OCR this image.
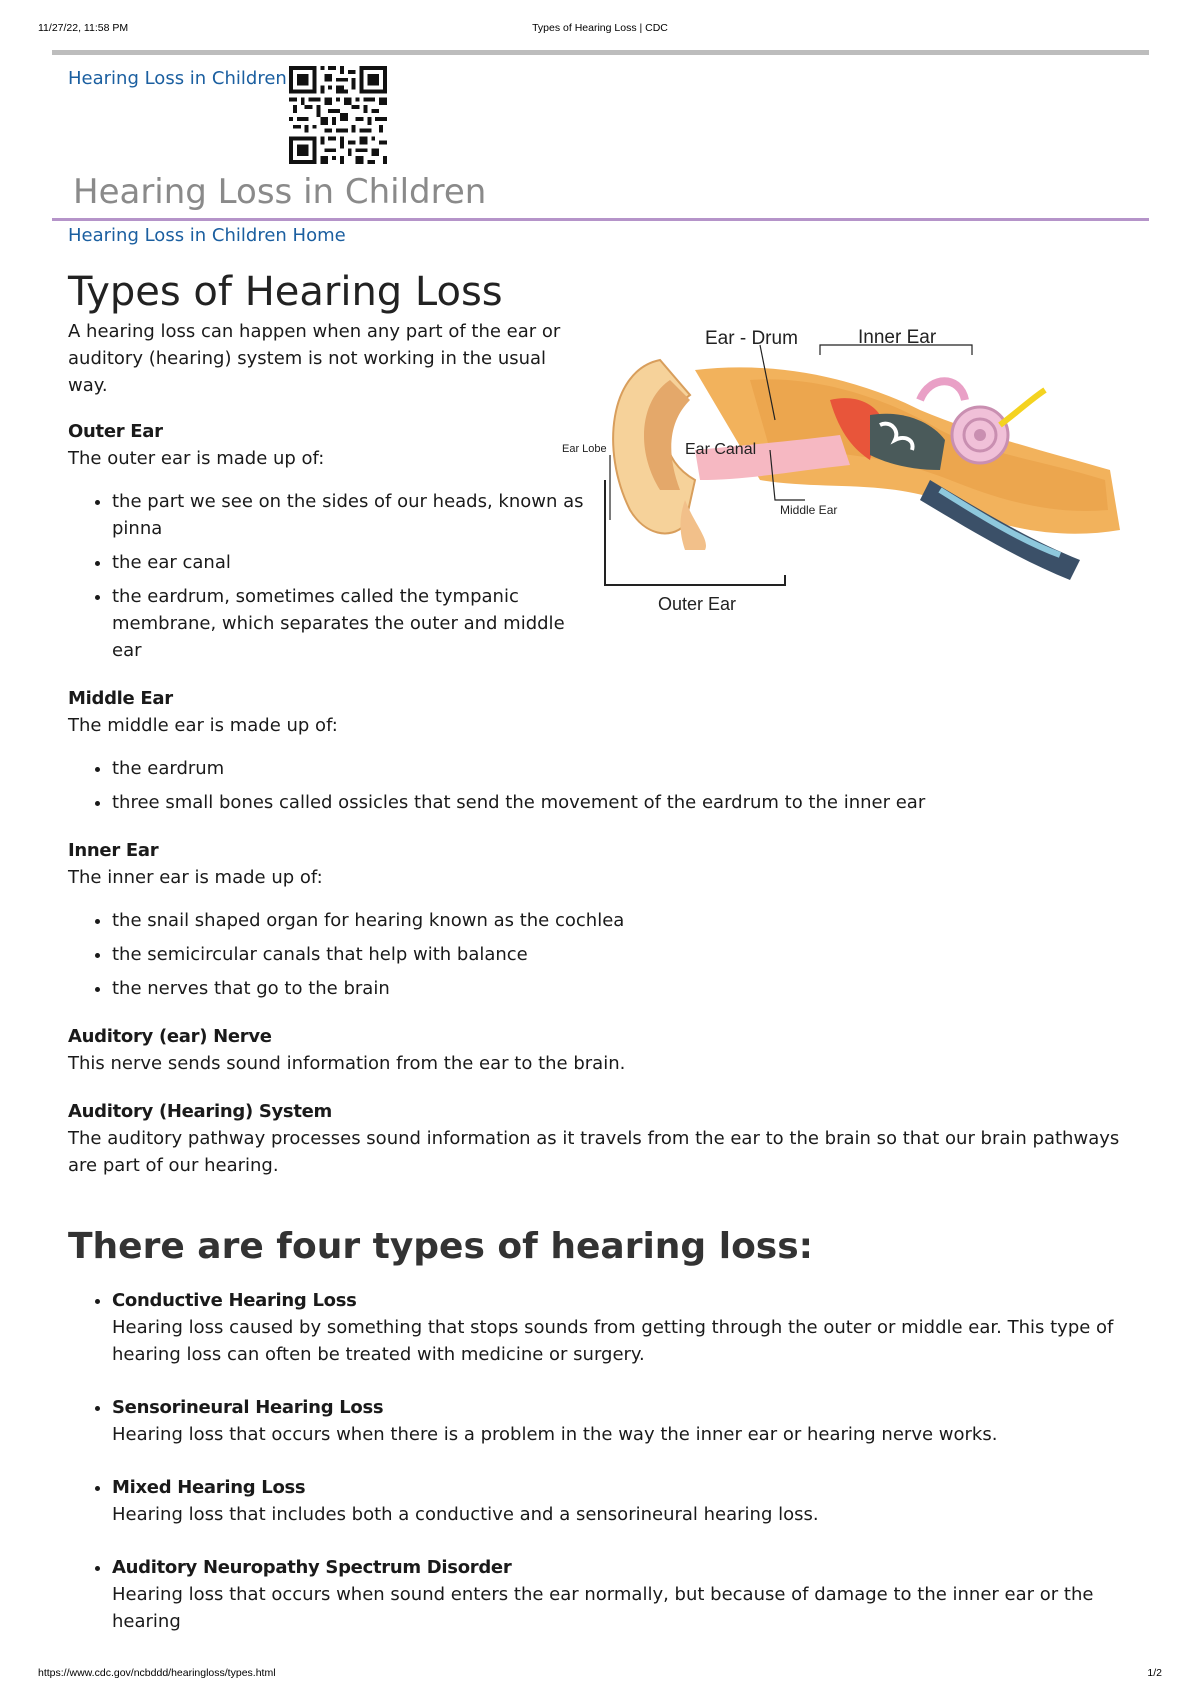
11/27/22, 11:58 PM	Types of Hearing Loss | CDC
Hearing Loss in Children
Hearing Loss in Children
Hearing Loss in Children Home
Types of Hearing Loss

A hearing loss can happen when any part of the ear or auditory (hearing) system is not working in the usual way.

Outer Ear
The outer ear is made up of:
• the part we see on the sides of our heads, known as pinna
• the ear canal
• the eardrum, sometimes called the tympanic membrane, which separates the outer and middle ear
Middle Ear
The middle ear is made up of:
• the eardrum
• three small bones called ossicles that send the movement of the eardrum to the inner ear
Inner Ear
The inner ear is made up of:
• the snail shaped organ for hearing known as the cochlea
• the semicircular canals that help with balance
• the nerves that go to the brain
Auditory (ear) Nerve
This nerve sends sound information from the ear to the brain.
Auditory (Hearing) System
The auditory pathway processes sound information as it travels from the ear to the brain so that our brain pathways are part of our hearing.
There are four types of hearing loss:
• Conductive Hearing Loss
Hearing loss caused by something that stops sounds from getting through the outer or middle ear. This type of hearing loss can often be treated with medicine or surgery.
• Sensorineural Hearing Loss
Hearing loss that occurs when there is a problem in the way the inner ear or hearing nerve works.
• Mixed Hearing Loss
Hearing loss that includes both a conductive and a sensorineural hearing loss.
• Auditory Neuropathy Spectrum Disorder
Hearing loss that occurs when sound enters the ear normally, but because of damage to the inner ear or the hearing
Ear - Drum	Inner Ear
Ear Lobe	Ear Canal
Middle Ear
Outer Ear
https://www.cdc.gov/ncbddd/hearingloss/types.html	1/2
